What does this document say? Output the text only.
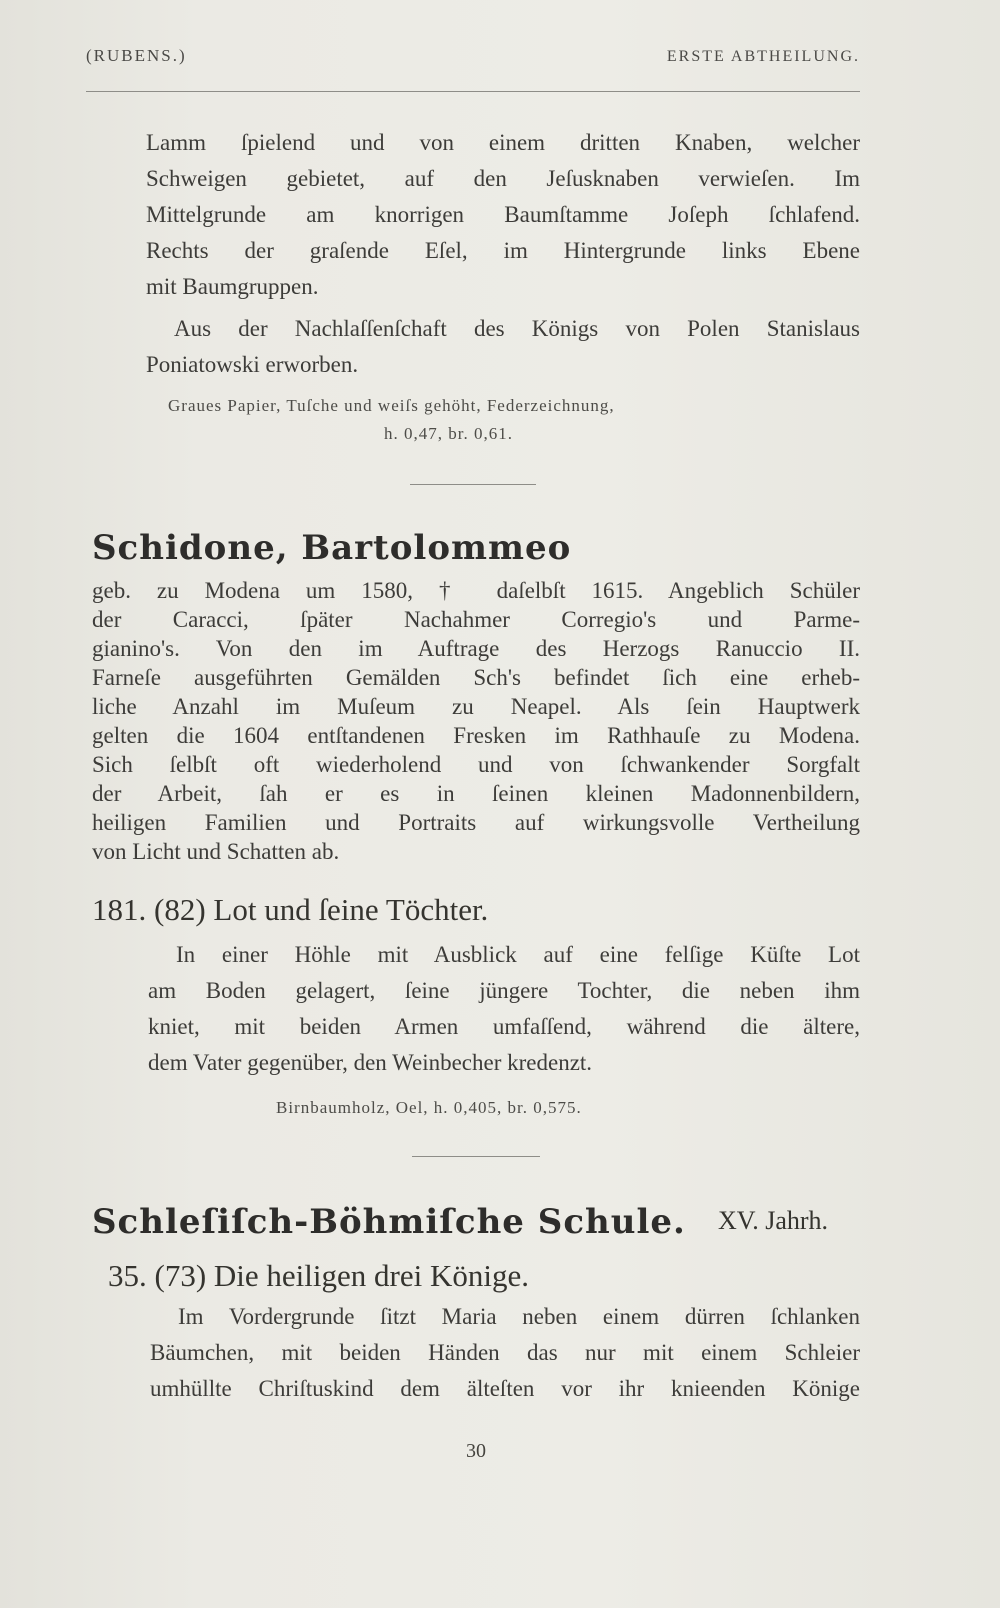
(RUBENS.)	ERSTE ABTHEILUNG.
Lamm ſpielend und von einem dritten Knaben, welcher
Schweigen gebietet, auf den Jeſusknaben verwieſen. Im
Mittelgrunde am knorrigen Baumſtamme Joſeph ſchlafend.
Rechts der graſende Eſel, im Hintergrunde links Ebene
mit Baumgruppen.
Aus der Nachlaſſenſchaft des Königs von Polen Stanislaus
Poniatowski erworben.
Graues Papier, Tuſche und weiſs gehöht, Federzeichnung,
h. 0,47, br. 0,61.
Schidone, Bartolommeo
geb. zu Modena um 1580, † daſelbſt 1615. Angeblich Schüler
der Caracci, ſpäter Nachahmer Corregio's und Parme-
gianino's. Von den im Auftrage des Herzogs Ranuccio II.
Farneſe ausgeführten Gemälden Sch's befindet ſich eine erheb-
liche Anzahl im Muſeum zu Neapel. Als ſein Hauptwerk
gelten die 1604 entſtandenen Fresken im Rathhauſe zu Modena.
Sich ſelbſt oft wiederholend und von ſchwankender Sorgfalt
der Arbeit, ſah er es in ſeinen kleinen Madonnenbildern,
heiligen Familien und Portraits auf wirkungsvolle Vertheilung
von Licht und Schatten ab.
181. (82) Lot und ſeine Töchter.
In einer Höhle mit Ausblick auf eine felſige Küſte Lot
am Boden gelagert, ſeine jüngere Tochter, die neben ihm
kniet, mit beiden Armen umfaſſend, während die ältere,
dem Vater gegenüber, den Weinbecher kredenzt.
Birnbaumholz, Oel, h. 0,405, br. 0,575.
Schleſiſch-Böhmiſche Schule. XV. Jahrh.
35. (73) Die heiligen drei Könige.
Im Vordergrunde ſitzt Maria neben einem dürren ſchlanken
Bäumchen, mit beiden Händen das nur mit einem Schleier
umhüllte Chriſtuskind dem älteſten vor ihr knieenden Könige
30
